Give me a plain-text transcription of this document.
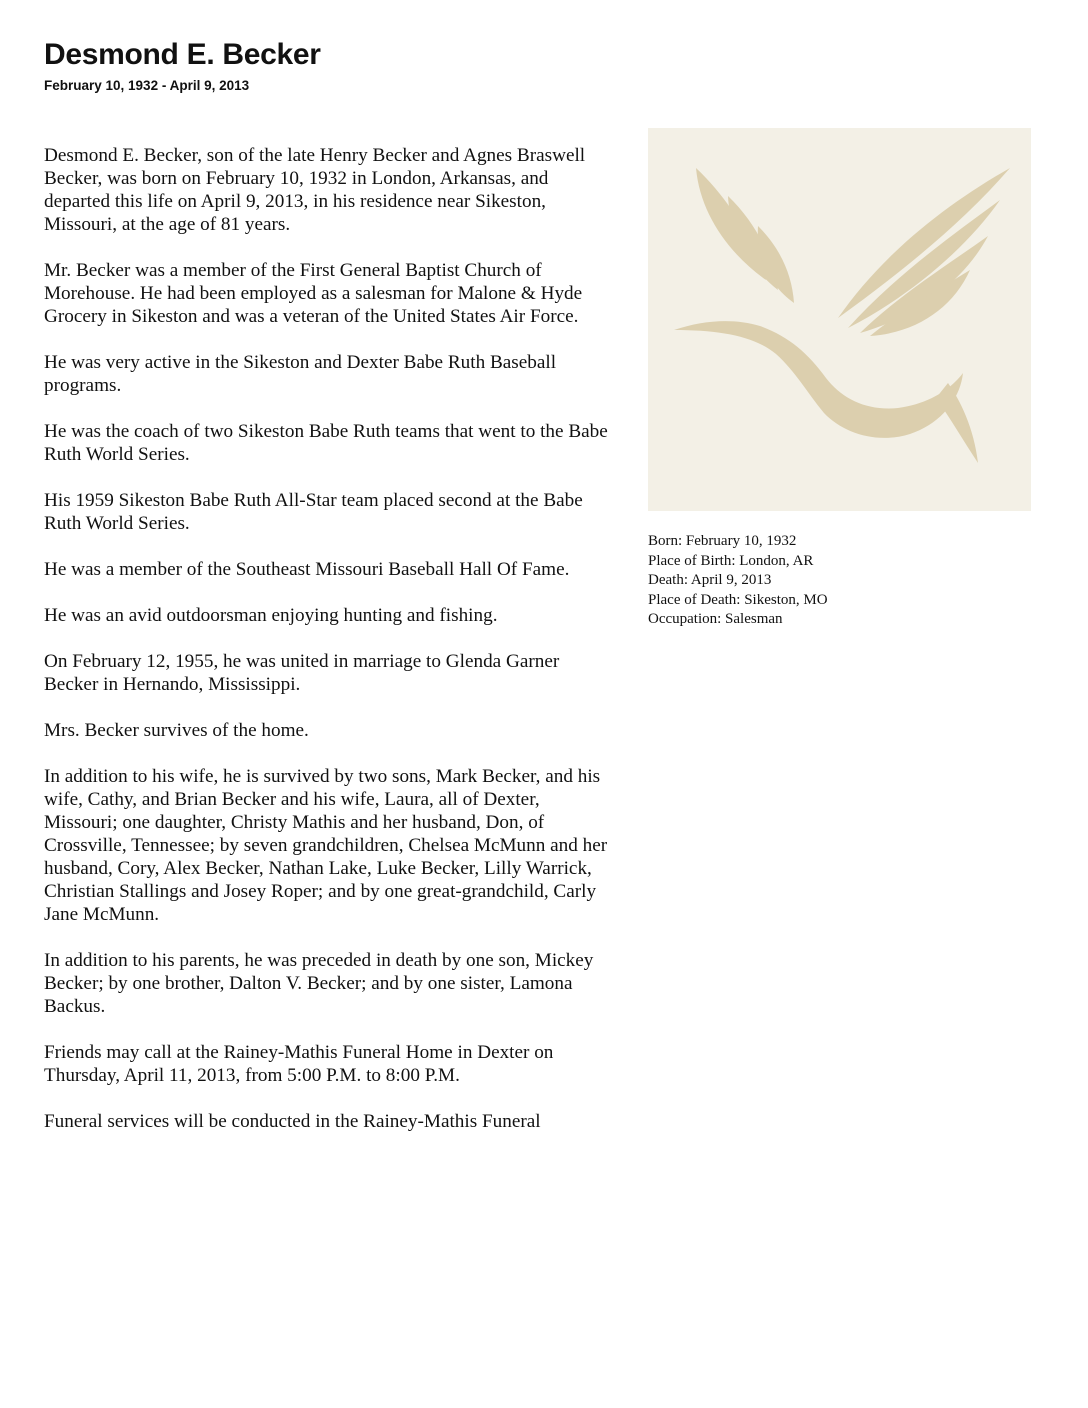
Desmond E. Becker
February 10, 1932 - April 9, 2013

Desmond E. Becker, son of the late Henry Becker and Agnes Braswell Becker, was born on February 10, 1932 in London, Arkansas, and departed this life on April 9, 2013, in his residence near Sikeston, Missouri, at the age of 81 years.

Mr. Becker was a member of the First General Baptist Church of Morehouse. He had been employed as a salesman for Malone & Hyde Grocery in Sikeston and was a veteran of the United States Air Force.

He was very active in the Sikeston and Dexter Babe Ruth Baseball programs.

He was the coach of two Sikeston Babe Ruth teams that went to the Babe Ruth World Series.

His 1959 Sikeston Babe Ruth All-Star team placed second at the Babe Ruth World Series.

He was a member of the Southeast Missouri Baseball Hall Of Fame.

He was an avid outdoorsman enjoying hunting and fishing.

On February 12, 1955, he was united in marriage to Glenda Garner Becker in Hernando, Mississippi.

Mrs. Becker survives of the home.

In addition to his wife, he is survived by two sons, Mark Becker, and his wife, Cathy, and Brian Becker and his wife, Laura, all of Dexter, Missouri; one daughter, Christy Mathis and her husband, Don, of Crossville, Tennessee; by seven grandchildren, Chelsea McMunn and her husband, Cory, Alex Becker, Nathan Lake, Luke Becker, Lilly Warrick, Christian Stallings and Josey Roper; and by one great-grandchild, Carly Jane McMunn.

In addition to his parents, he was preceded in death by one son, Mickey Becker; by one brother, Dalton V. Becker; and by one sister, Lamona Backus.

Friends may call at the Rainey-Mathis Funeral Home in Dexter on Thursday, April 11, 2013, from 5:00 P.M. to 8:00 P.M.

Funeral services will be conducted in the Rainey-Mathis Funeral

Born: February 10, 1932
Place of Birth: London, AR
Death: April 9, 2013
Place of Death: Sikeston, MO
Occupation: Salesman
